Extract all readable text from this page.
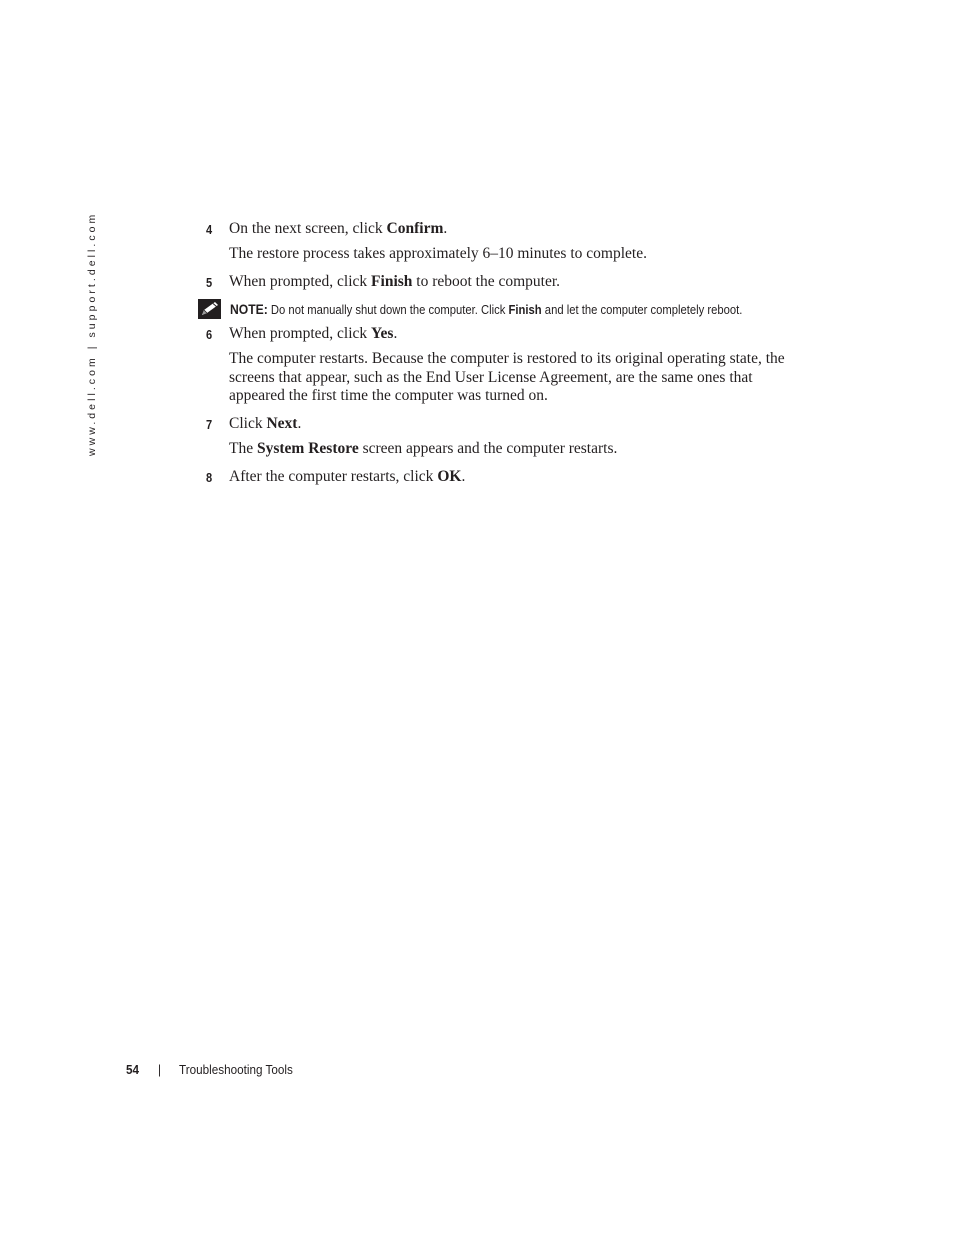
www.dell.com | support.dell.com	4 On the next screen, click Confirm.
The restore process takes approximately 6–10 minutes to complete.
5 When prompted, click Finish to reboot the computer.
NOTE: Do not manually shut down the computer. Click Finish and let the computer completely reboot.
6 When prompted, click Yes.
The computer restarts. Because the computer is restored to its original operating state, the screens that appear, such as the End User License Agreement, are the same ones that appeared the first time the computer was turned on.
7 Click Next.
The System Restore screen appears and the computer restarts.
8 After the computer restarts, click OK.
54 | Troubleshooting Tools
